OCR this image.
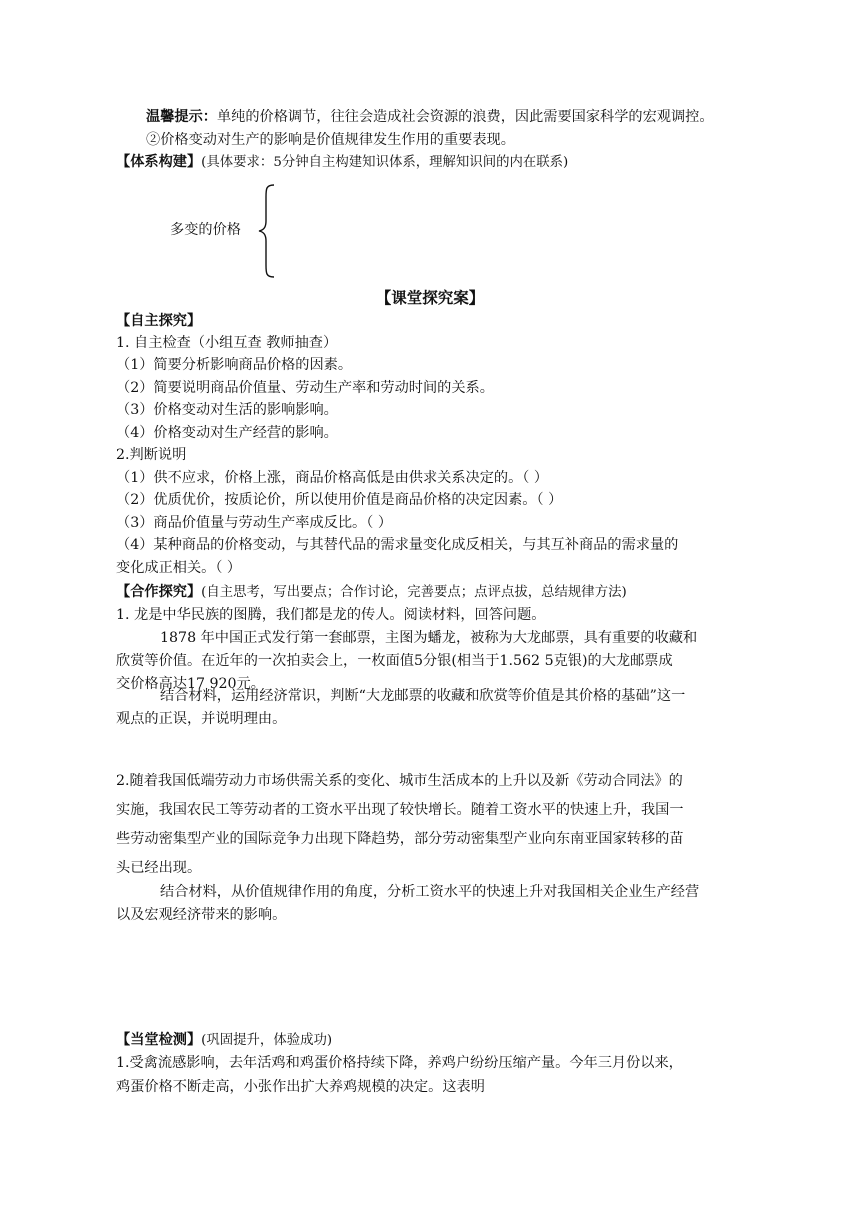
温馨提示：单纯的价格调节，往往会造成社会资源的浪费，因此需要国家科学的宏观调控。
②价格变动对生产的影响是价值规律发生作用的重要表现。
【体系构建】(具体要求：5分钟自主构建知识体系，理解知识间的内在联系)
多变的价格
【课堂探究案】
【自主探究】
1. 自主检查（小组互查 教师抽查）
（1）简要分析影响商品价格的因素。
（2）简要说明商品价值量、劳动生产率和劳动时间的关系。
（3）价格变动对生活的影响影响。
（4）价格变动对生产经营的影响。
2.判断说明
（1）供不应求，价格上涨，商品价格高低是由供求关系决定的。（ ）
（2）优质优价，按质论价，所以使用价值是商品价格的决定因素。（ ）
（3）商品价值量与劳动生产率成反比。（ ）
（4）某种商品的价格变动，与其替代品的需求量变化成反相关，与其互补商品的需求量的
变化成正相关。（ ）
【合作探究】(自主思考，写出要点；合作讨论，完善要点；点评点拔，总结规律方法)
1. 龙是中华民族的图腾，我们都是龙的传人。阅读材料，回答问题。
1878 年中国正式发行第一套邮票，主图为蟠龙，被称为大龙邮票，具有重要的收藏和
欣赏等价值。在近年的一次拍卖会上，一枚面值5分银(相当于1.562 5克银)的大龙邮票成
交价格高达17 920元。
结合材料，运用经济常识，判断“大龙邮票的收藏和欣赏等价值是其价格的基础”这一
观点的正误，并说明理由。
2.随着我国低端劳动力市场供需关系的变化、城市生活成本的上升以及新《劳动合同法》的
实施，我国农民工等劳动者的工资水平出现了较快增长。随着工资水平的快速上升，我国一
些劳动密集型产业的国际竞争力出现下降趋势，部分劳动密集型产业向东南亚国家转移的苗
头已经出现。
结合材料，从价值规律作用的角度，分析工资水平的快速上升对我国相关企业生产经营
以及宏观经济带来的影响。
【当堂检测】(巩固提升，体验成功)
1.受禽流感影响，去年活鸡和鸡蛋价格持续下降，养鸡户纷纷压缩产量。今年三月份以来，
鸡蛋价格不断走高，小张作出扩大养鸡规模的决定。这表明
